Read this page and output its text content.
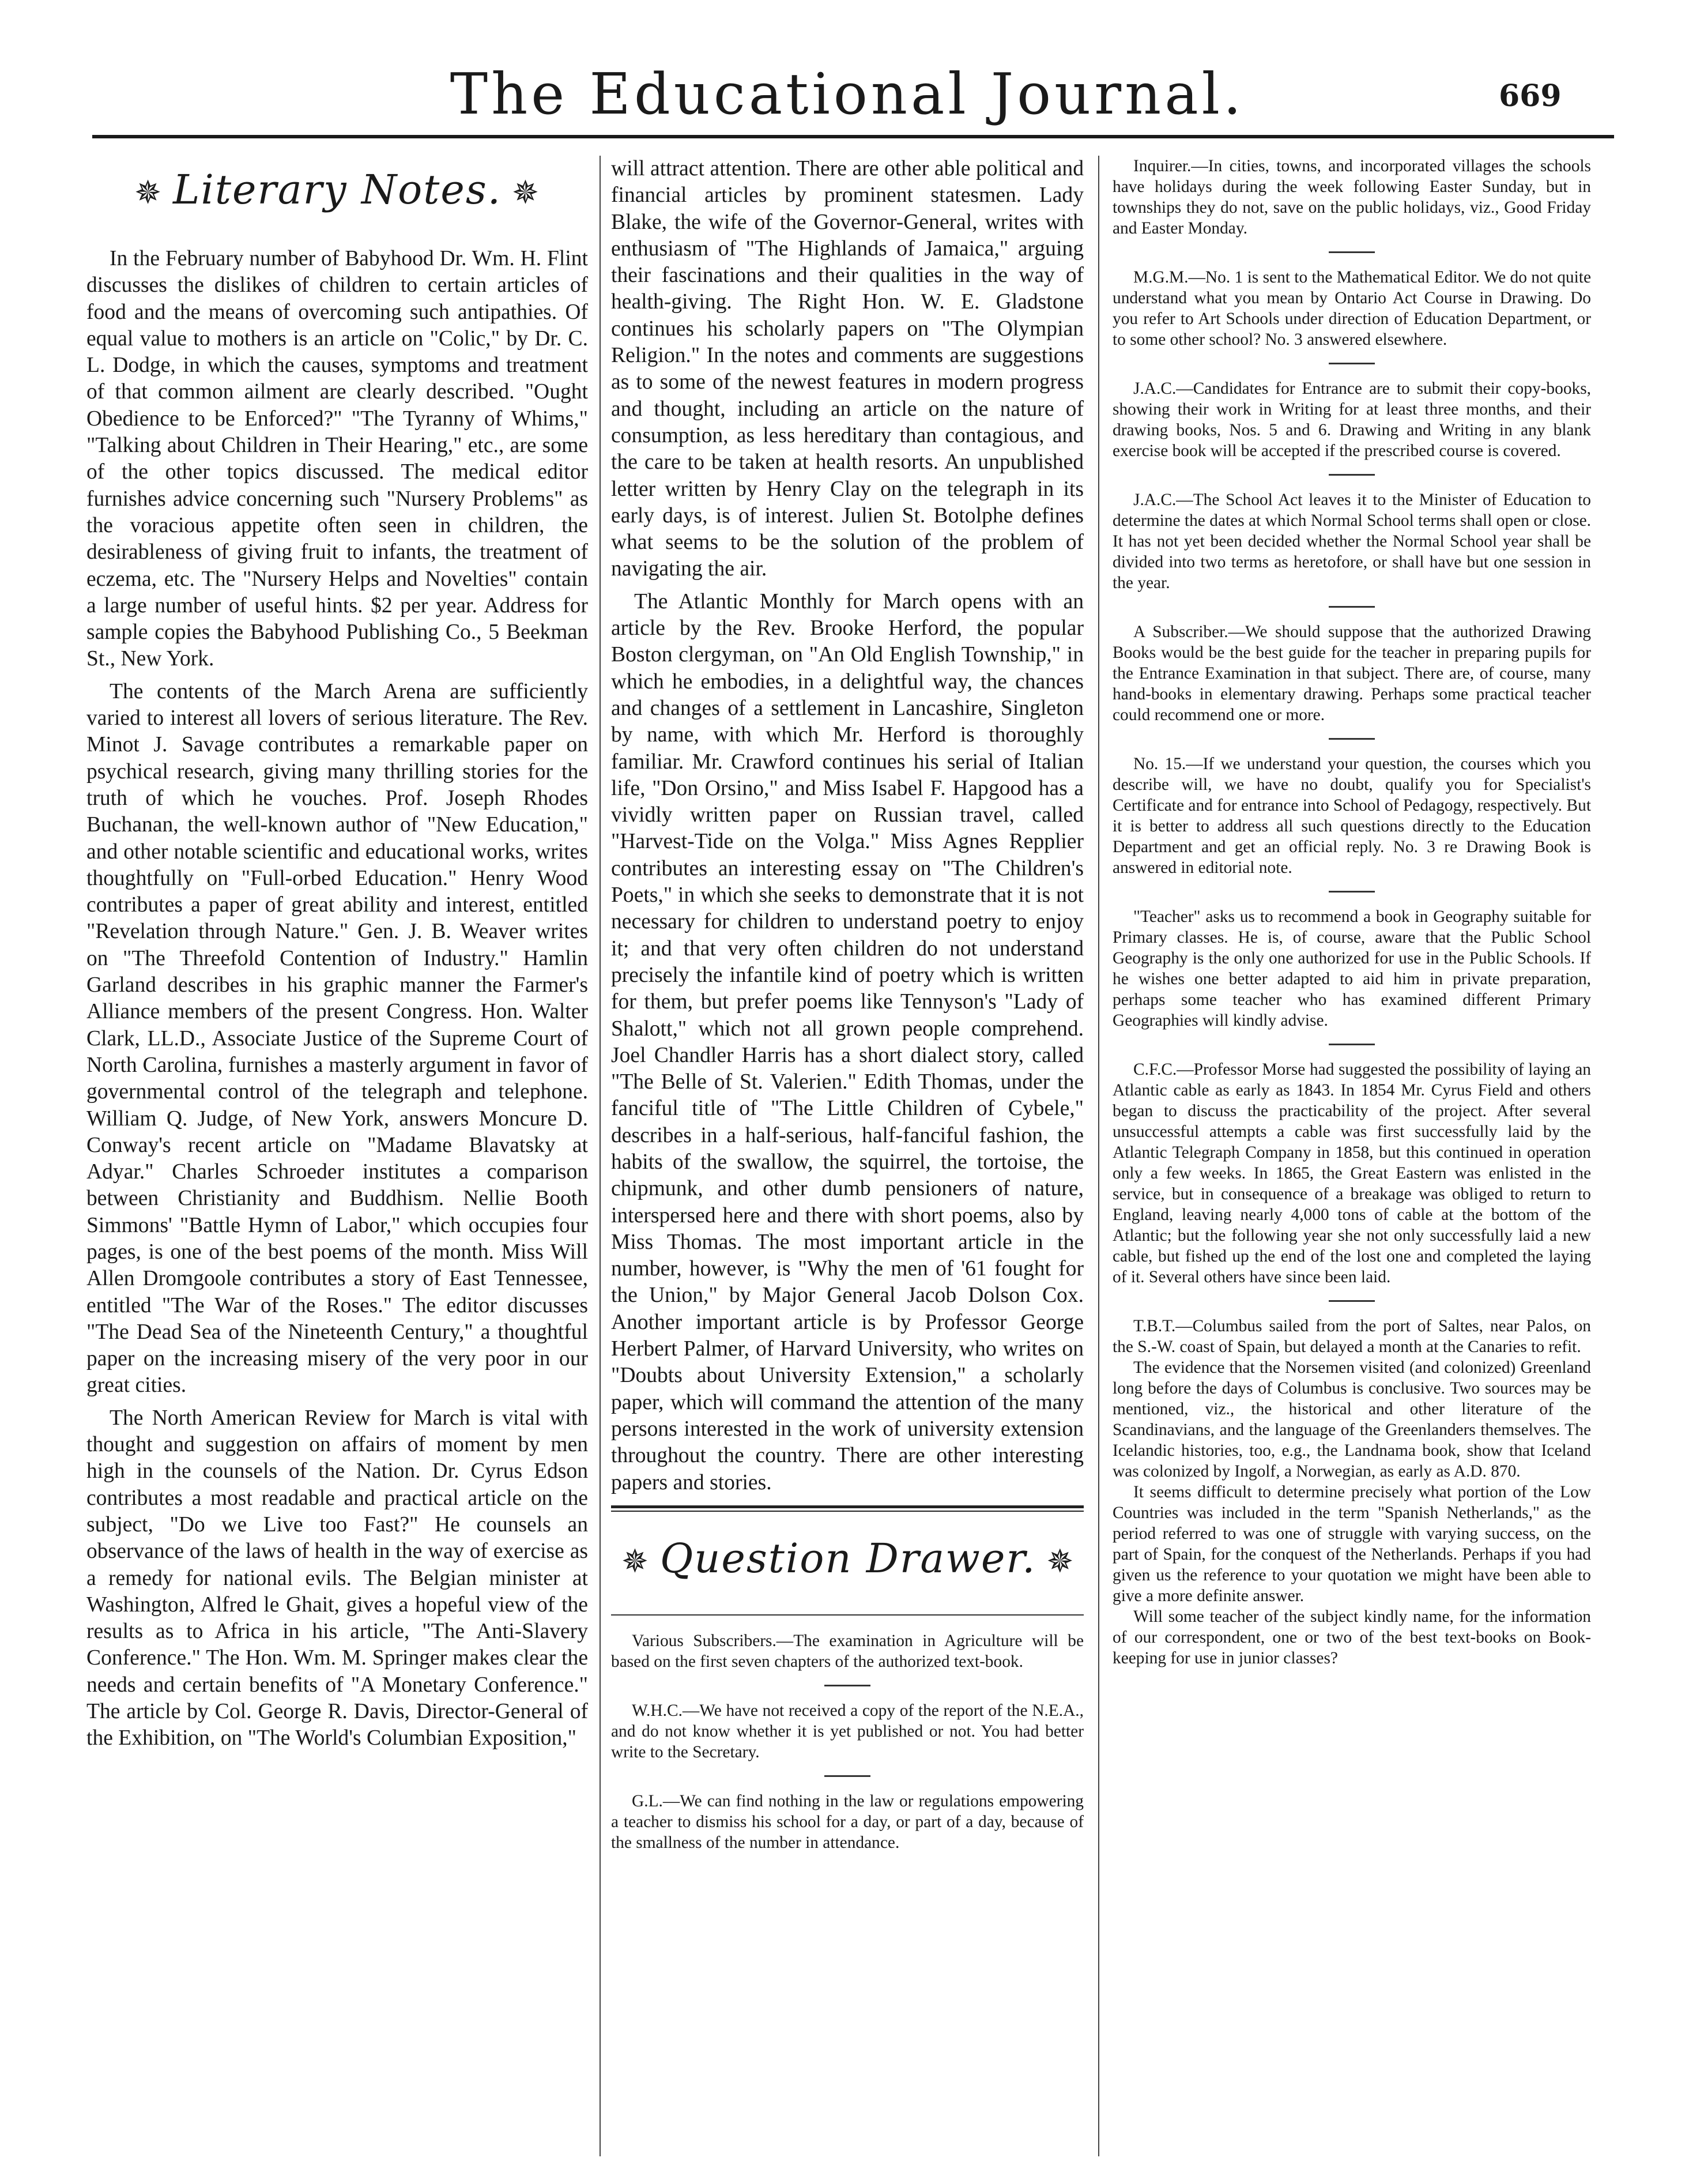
The Educational Journal.	669
✵ Literary Notes. ✵

In the February number of Babyhood Dr. Wm. H. Flint discusses the dislikes of children to certain articles of food and the means of overcoming such antipathies. Of equal value to mothers is an article on "Colic," by Dr. C. L. Dodge, in which the causes, symptoms and treatment of that common ailment are clearly described. "Ought Obedience to be Enforced?" "The Tyranny of Whims," "Talking about Children in Their Hearing," etc., are some of the other topics discussed. The medical editor furnishes advice concerning such "Nursery Problems" as the voracious appetite often seen in children, the desirableness of giving fruit to infants, the treatment of eczema, etc. The "Nursery Helps and Novelties" contain a large number of useful hints. $2 per year. Address for sample copies the Babyhood Publishing Co., 5 Beekman St., New York.

The contents of the March Arena are sufficiently varied to interest all lovers of serious literature. The Rev. Minot J. Savage contributes a remarkable paper on psychical research, giving many thrilling stories for the truth of which he vouches. Prof. Joseph Rhodes Buchanan, the well-known author of "New Education," and other notable scientific and educational works, writes thoughtfully on "Full-orbed Education." Henry Wood contributes a paper of great ability and interest, entitled "Revelation through Nature." Gen. J. B. Weaver writes on "The Threefold Contention of Industry." Hamlin Garland describes in his graphic manner the Farmer's Alliance members of the present Congress. Hon. Walter Clark, LL.D., Associate Justice of the Supreme Court of North Carolina, furnishes a masterly argument in favor of governmental control of the telegraph and telephone. William Q. Judge, of New York, answers Moncure D. Conway's recent article on "Madame Blavatsky at Adyar." Charles Schroeder institutes a comparison between Christianity and Buddhism. Nellie Booth Simmons' "Battle Hymn of Labor," which occupies four pages, is one of the best poems of the month. Miss Will Allen Dromgoole contributes a story of East Tennessee, entitled "The War of the Roses." The editor discusses "The Dead Sea of the Nineteenth Century," a thoughtful paper on the increasing misery of the very poor in our great cities.

The North American Review for March is vital with thought and suggestion on affairs of moment by men high in the counsels of the Nation. Dr. Cyrus Edson contributes a most readable and practical article on the subject, "Do we Live too Fast?" He counsels an observance of the laws of health in the way of exercise as a remedy for national evils. The Belgian minister at Washington, Alfred le Ghait, gives a hopeful view of the results as to Africa in his article, "The Anti-Slavery Conference." The Hon. Wm. M. Springer makes clear the needs and certain benefits of "A Monetary Conference." The article by Col. George R. Davis, Director-General of the Exhibition, on "The World's Columbian Exposition,"

will attract attention. There are other able political and financial articles by prominent statesmen. Lady Blake, the wife of the Governor-General, writes with enthusiasm of "The Highlands of Jamaica," arguing their fascinations and their qualities in the way of health-giving. The Right Hon. W. E. Gladstone continues his scholarly papers on "The Olympian Religion." In the notes and comments are suggestions as to some of the newest features in modern progress and thought, including an article on the nature of consumption, as less hereditary than contagious, and the care to be taken at health resorts. An unpublished letter written by Henry Clay on the telegraph in its early days, is of interest. Julien St. Botolphe defines what seems to be the solution of the problem of navigating the air.

The Atlantic Monthly for March opens with an article by the Rev. Brooke Herford, the popular Boston clergyman, on "An Old English Township," in which he embodies, in a delightful way, the chances and changes of a settlement in Lancashire, Singleton by name, with which Mr. Herford is thoroughly familiar. Mr. Crawford continues his serial of Italian life, "Don Orsino," and Miss Isabel F. Hapgood has a vividly written paper on Russian travel, called "Harvest-Tide on the Volga." Miss Agnes Repplier contributes an interesting essay on "The Children's Poets," in which she seeks to demonstrate that it is not necessary for children to understand poetry to enjoy it; and that very often children do not understand precisely the infantile kind of poetry which is written for them, but prefer poems like Tennyson's "Lady of Shalott," which not all grown people comprehend. Joel Chandler Harris has a short dialect story, called "The Belle of St. Valerien." Edith Thomas, under the fanciful title of "The Little Children of Cybele," describes in a half-serious, half-fanciful fashion, the habits of the swallow, the squirrel, the tortoise, the chipmunk, and other dumb pensioners of nature, interspersed here and there with short poems, also by Miss Thomas. The most important article in the number, however, is "Why the men of '61 fought for the Union," by Major General Jacob Dolson Cox. Another important article is by Professor George Herbert Palmer, of Harvard University, who writes on "Doubts about University Extension," a scholarly paper, which will command the attention of the many persons interested in the work of university extension throughout the country. There are other interesting papers and stories.

✵ Question Drawer. ✵

Various Subscribers.—The examination in Agriculture will be based on the first seven chapters of the authorized text-book.

W.H.C.—We have not received a copy of the report of the N.E.A., and do not know whether it is yet published or not. You had better write to the Secretary.

G.L.—We can find nothing in the law or regulations empowering a teacher to dismiss his school for a day, or part of a day, because of the smallness of the number in attendance.

Inquirer.—In cities, towns, and incorporated villages the schools have holidays during the week following Easter Sunday, but in townships they do not, save on the public holidays, viz., Good Friday and Easter Monday.

M.G.M.—No. 1 is sent to the Mathematical Editor. We do not quite understand what you mean by Ontario Act Course in Drawing. Do you refer to Art Schools under direction of Education Department, or to some other school? No. 3 answered elsewhere.

J.A.C.—Candidates for Entrance are to submit their copy-books, showing their work in Writing for at least three months, and their drawing books, Nos. 5 and 6. Drawing and Writing in any blank exercise book will be accepted if the prescribed course is covered.

J.A.C.—The School Act leaves it to the Minister of Education to determine the dates at which Normal School terms shall open or close. It has not yet been decided whether the Normal School year shall be divided into two terms as heretofore, or shall have but one session in the year.

A Subscriber.—We should suppose that the authorized Drawing Books would be the best guide for the teacher in preparing pupils for the Entrance Examination in that subject. There are, of course, many hand-books in elementary drawing. Perhaps some practical teacher could recommend one or more.

No. 15.—If we understand your question, the courses which you describe will, we have no doubt, qualify you for Specialist's Certificate and for entrance into School of Pedagogy, respectively. But it is better to address all such questions directly to the Education Department and get an official reply. No. 3 re Drawing Book is answered in editorial note.

"Teacher" asks us to recommend a book in Geography suitable for Primary classes. He is, of course, aware that the Public School Geography is the only one authorized for use in the Public Schools. If he wishes one better adapted to aid him in private preparation, perhaps some teacher who has examined different Primary Geographies will kindly advise.

C.F.C.—Professor Morse had suggested the possibility of laying an Atlantic cable as early as 1843. In 1854 Mr. Cyrus Field and others began to discuss the practicability of the project. After several unsuccessful attempts a cable was first successfully laid by the Atlantic Telegraph Company in 1858, but this continued in operation only a few weeks. In 1865, the Great Eastern was enlisted in the service, but in consequence of a breakage was obliged to return to England, leaving nearly 4,000 tons of cable at the bottom of the Atlantic; but the following year she not only successfully laid a new cable, but fished up the end of the lost one and completed the laying of it. Several others have since been laid.

T.B.T.—Columbus sailed from the port of Saltes, near Palos, on the S.-W. coast of Spain, but delayed a month at the Canaries to refit.

The evidence that the Norsemen visited (and colonized) Greenland long before the days of Columbus is conclusive. Two sources may be mentioned, viz., the historical and other literature of the Scandinavians, and the language of the Greenlanders themselves. The Icelandic histories, too, e.g., the Landnama book, show that Iceland was colonized by Ingolf, a Norwegian, as early as A.D. 870.

It seems difficult to determine precisely what portion of the Low Countries was included in the term "Spanish Netherlands," as the period referred to was one of struggle with varying success, on the part of Spain, for the conquest of the Netherlands. Perhaps if you had given us the reference to your quotation we might have been able to give a more definite answer.

Will some teacher of the subject kindly name, for the information of our correspondent, one or two of the best text-books on Book-keeping for use in junior classes?
